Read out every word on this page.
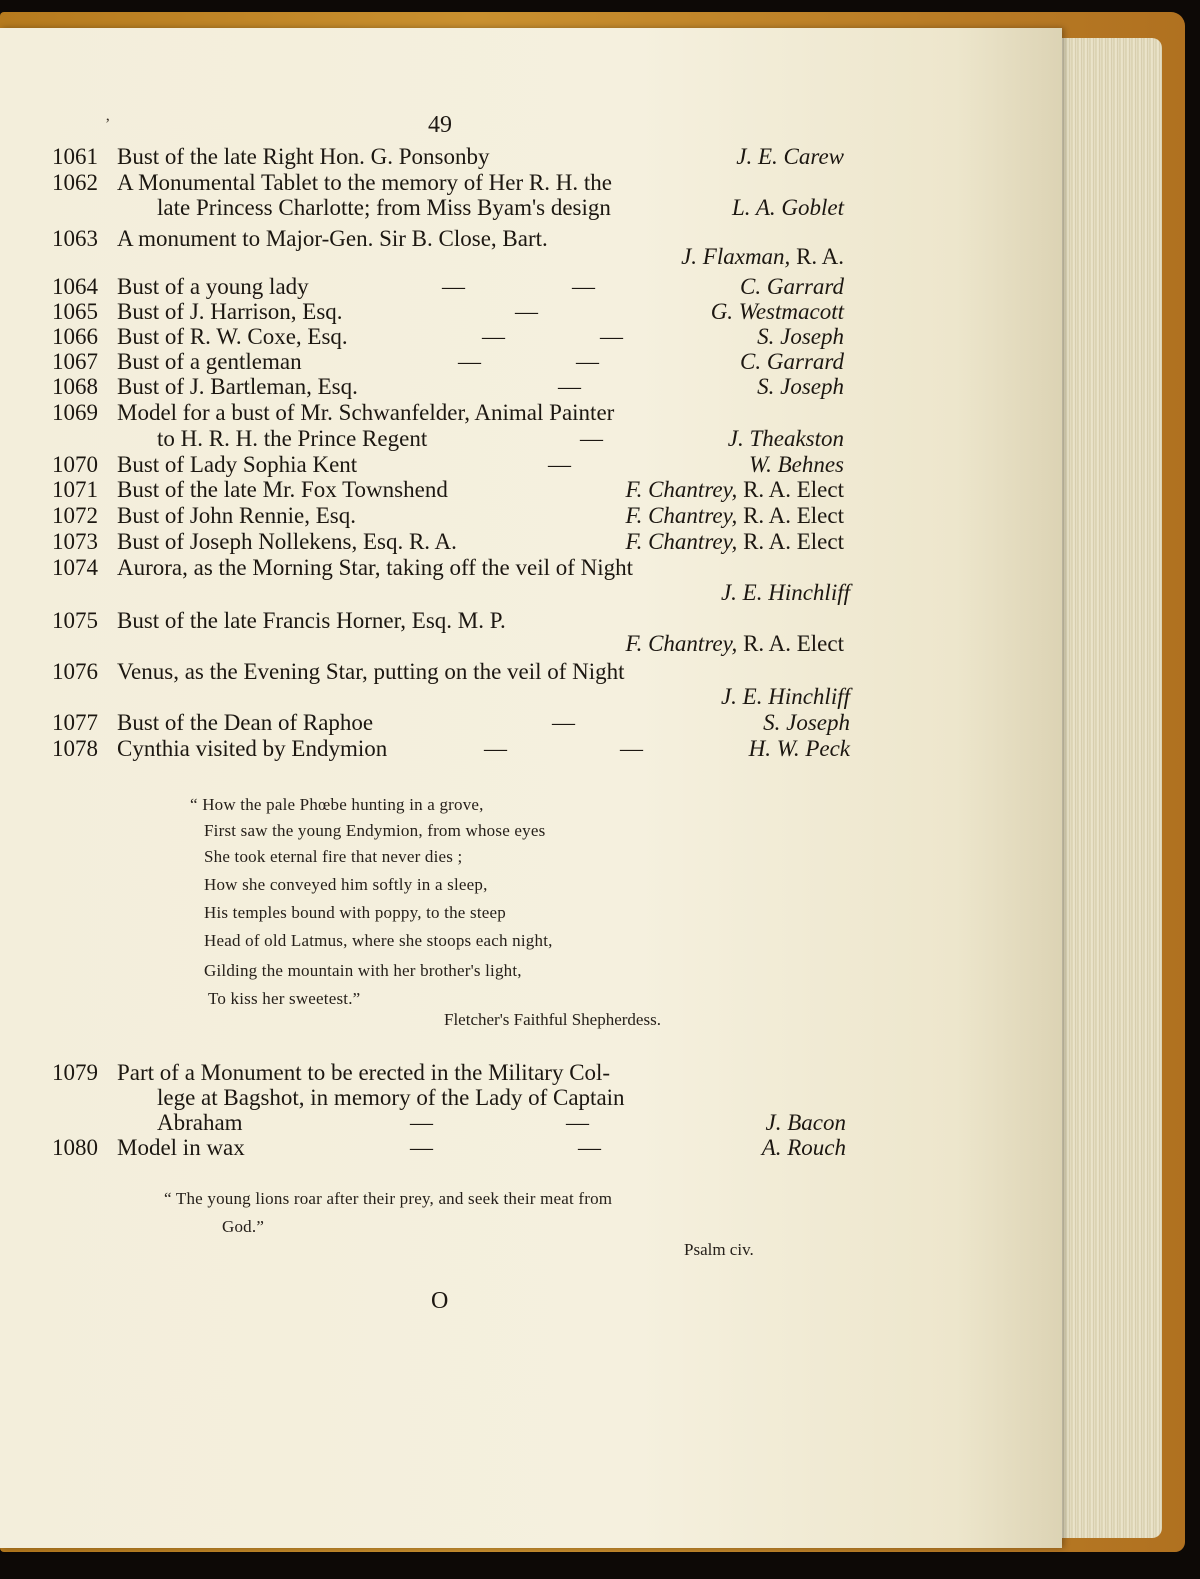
ʼ	49
1061 Bust of the late Right Hon. G. Ponsonby	J. E. Carew
1062 A Monumental Tablet to the memory of Her R. H. the
late Princess Charlotte; from Miss Byam's design	L. A. Goblet
1063 A monument to Major-Gen. Sir B. Close, Bart.
J. Flaxman, R. A.
1064 Bust of a young lady	—	—	C. Garrard
1065 Bust of J. Harrison, Esq.	—	G. Westmacott
1066 Bust of R. W. Coxe, Esq.	—	—	S. Joseph
1067 Bust of a gentleman	—	—	C. Garrard
1068 Bust of J. Bartleman, Esq.	—	S. Joseph
1069 Model for a bust of Mr. Schwanfelder, Animal Painter
to H. R. H. the Prince Regent	—	J. Theakston
1070 Bust of Lady Sophia Kent	—	W. Behnes
1071 Bust of the late Mr. Fox Townshend	F. Chantrey, R. A. Elect
1072 Bust of John Rennie, Esq.	F. Chantrey, R. A. Elect
1073 Bust of Joseph Nollekens, Esq. R. A.	F. Chantrey, R. A. Elect
1074 Aurora, as the Morning Star, taking off the veil of Night
J. E. Hinchliff
1075 Bust of the late Francis Horner, Esq. M. P.
F. Chantrey, R. A. Elect
1076 Venus, as the Evening Star, putting on the veil of Night
J. E. Hinchliff
1077 Bust of the Dean of Raphoe	—	S. Joseph
1078 Cynthia visited by Endymion	—	—	H. W. Peck
“ How the pale Phœbe hunting in a grove,
First saw the young Endymion, from whose eyes
She took eternal fire that never dies ;
How she conveyed him softly in a sleep,
His temples bound with poppy, to the steep
Head of old Latmus, where she stoops each night,
Gilding the mountain with her brother's light,
To kiss her sweetest.”
Fletcher's Faithful Shepherdess.
1079 Part of a Monument to be erected in the Military Col-
lege at Bagshot, in memory of the Lady of Captain
Abraham	—	—	J. Bacon
1080 Model in wax	—	—	A. Rouch
“ The young lions roar after their prey, and seek their meat from
God.”
Psalm civ.
O
